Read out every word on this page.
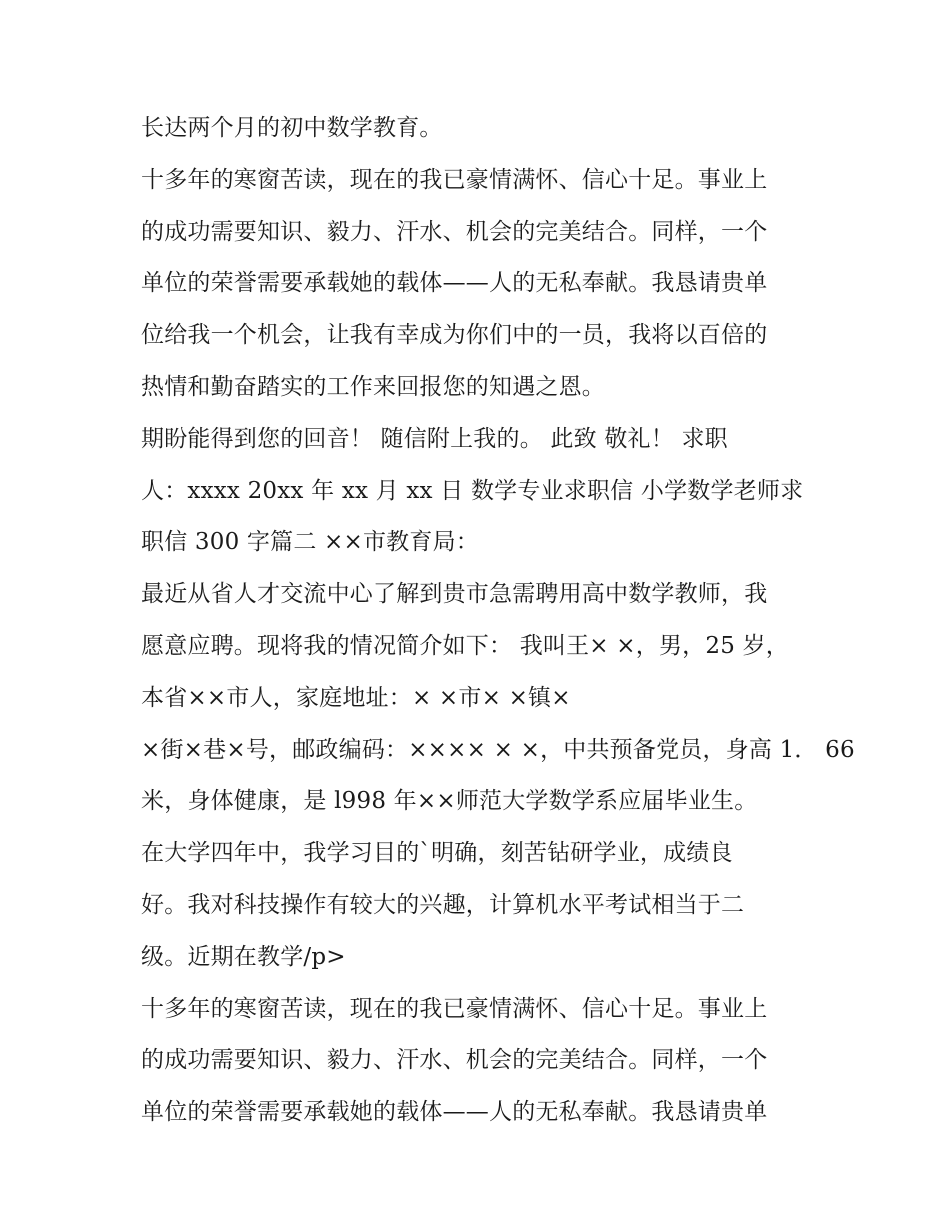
长达两个月的初中数学教育。
十多年的寒窗苦读，现在的我已豪情满怀、信心十足。事业上
的成功需要知识、毅力、汗水、机会的完美结合。同样，一个
单位的荣誉需要承载她的载体——人的无私奉献。我恳请贵单
位给我一个机会，让我有幸成为你们中的一员，我将以百倍的
热情和勤奋踏实的工作来回报您的知遇之恩。
期盼能得到您的回音！ 随信附上我的。 此致 敬礼！ 求职
人：xxxx 20xx 年 xx 月 xx 日 数学专业求职信 小学数学老师求
职信 300 字篇二 ××市教育局：
最近从省人才交流中心了解到贵市急需聘用高中数学教师，我
愿意应聘。现将我的情况简介如下： 我叫王× ×，男，25 岁，
本省××市人，家庭地址：× ×市× ×镇×
×街×巷×号，邮政编码：×××× × ×，中共预备党员，身高 1． 66
米，身体健康，是 l998 年××师范大学数学系应届毕业生。
在大学四年中，我学习目的`明确，刻苦钻研学业，成绩良
好。我对科技操作有较大的兴趣，计算机水平考试相当于二
级。近期在教学/p>
十多年的寒窗苦读，现在的我已豪情满怀、信心十足。事业上
的成功需要知识、毅力、汗水、机会的完美结合。同样，一个
单位的荣誉需要承载她的载体——人的无私奉献。我恳请贵单
